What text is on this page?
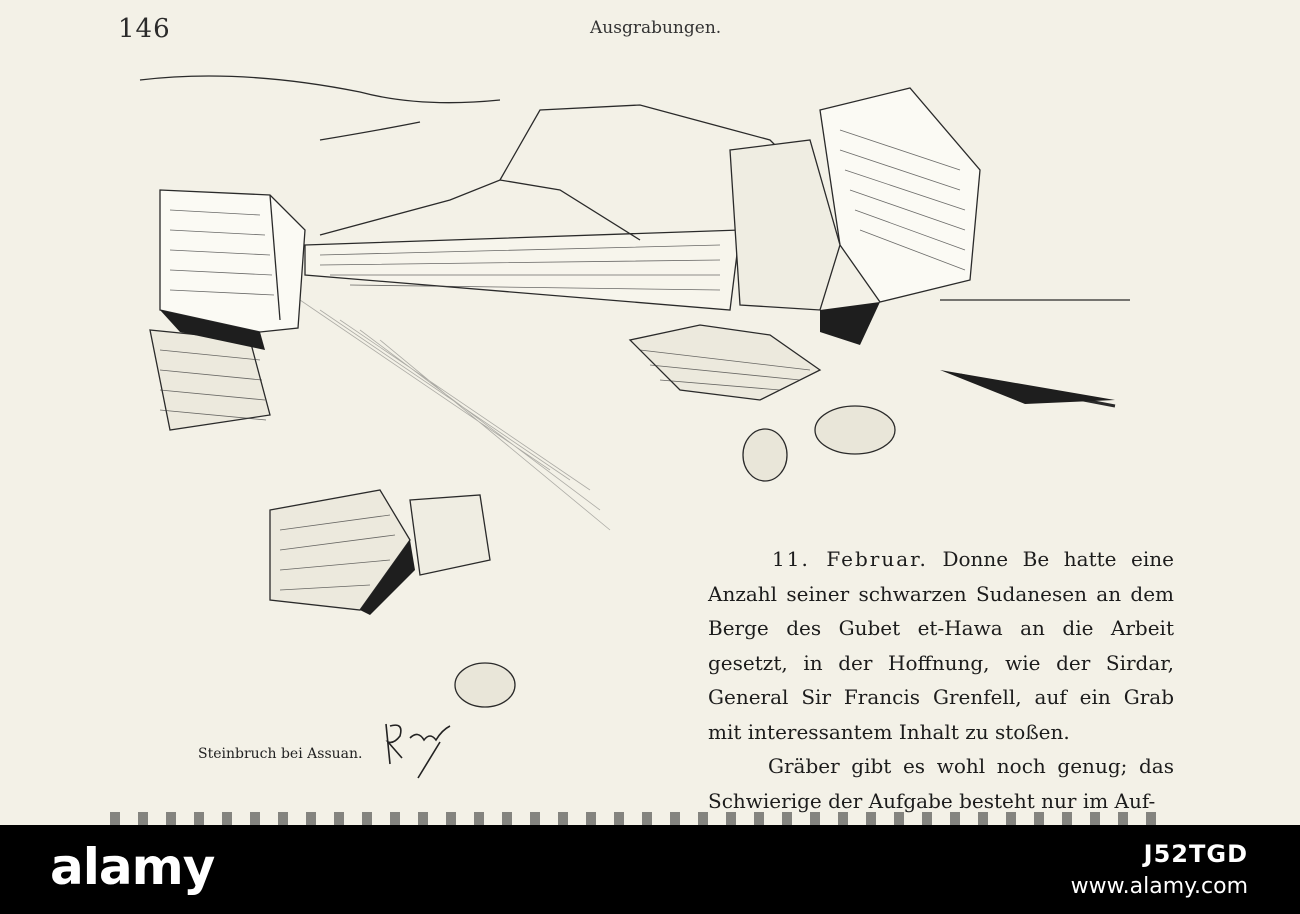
146	Ausgrabungen.
Steinbruch bei Assuan.

11. Februar. Donne Be hatte eine Anzahl seiner schwarzen Sudanesen an dem Berge des Gubet et-Hawa an die Arbeit gesetzt, in der Hoffnung, wie der Sirdar, General Sir Francis Grenfell, auf ein Grab mit interessantem Inhalt zu stoßen.

Gräber gibt es wohl noch genug; das Schwierige der Aufgabe besteht nur im Auf-

alamy	J52TGD
www.alamy.com
